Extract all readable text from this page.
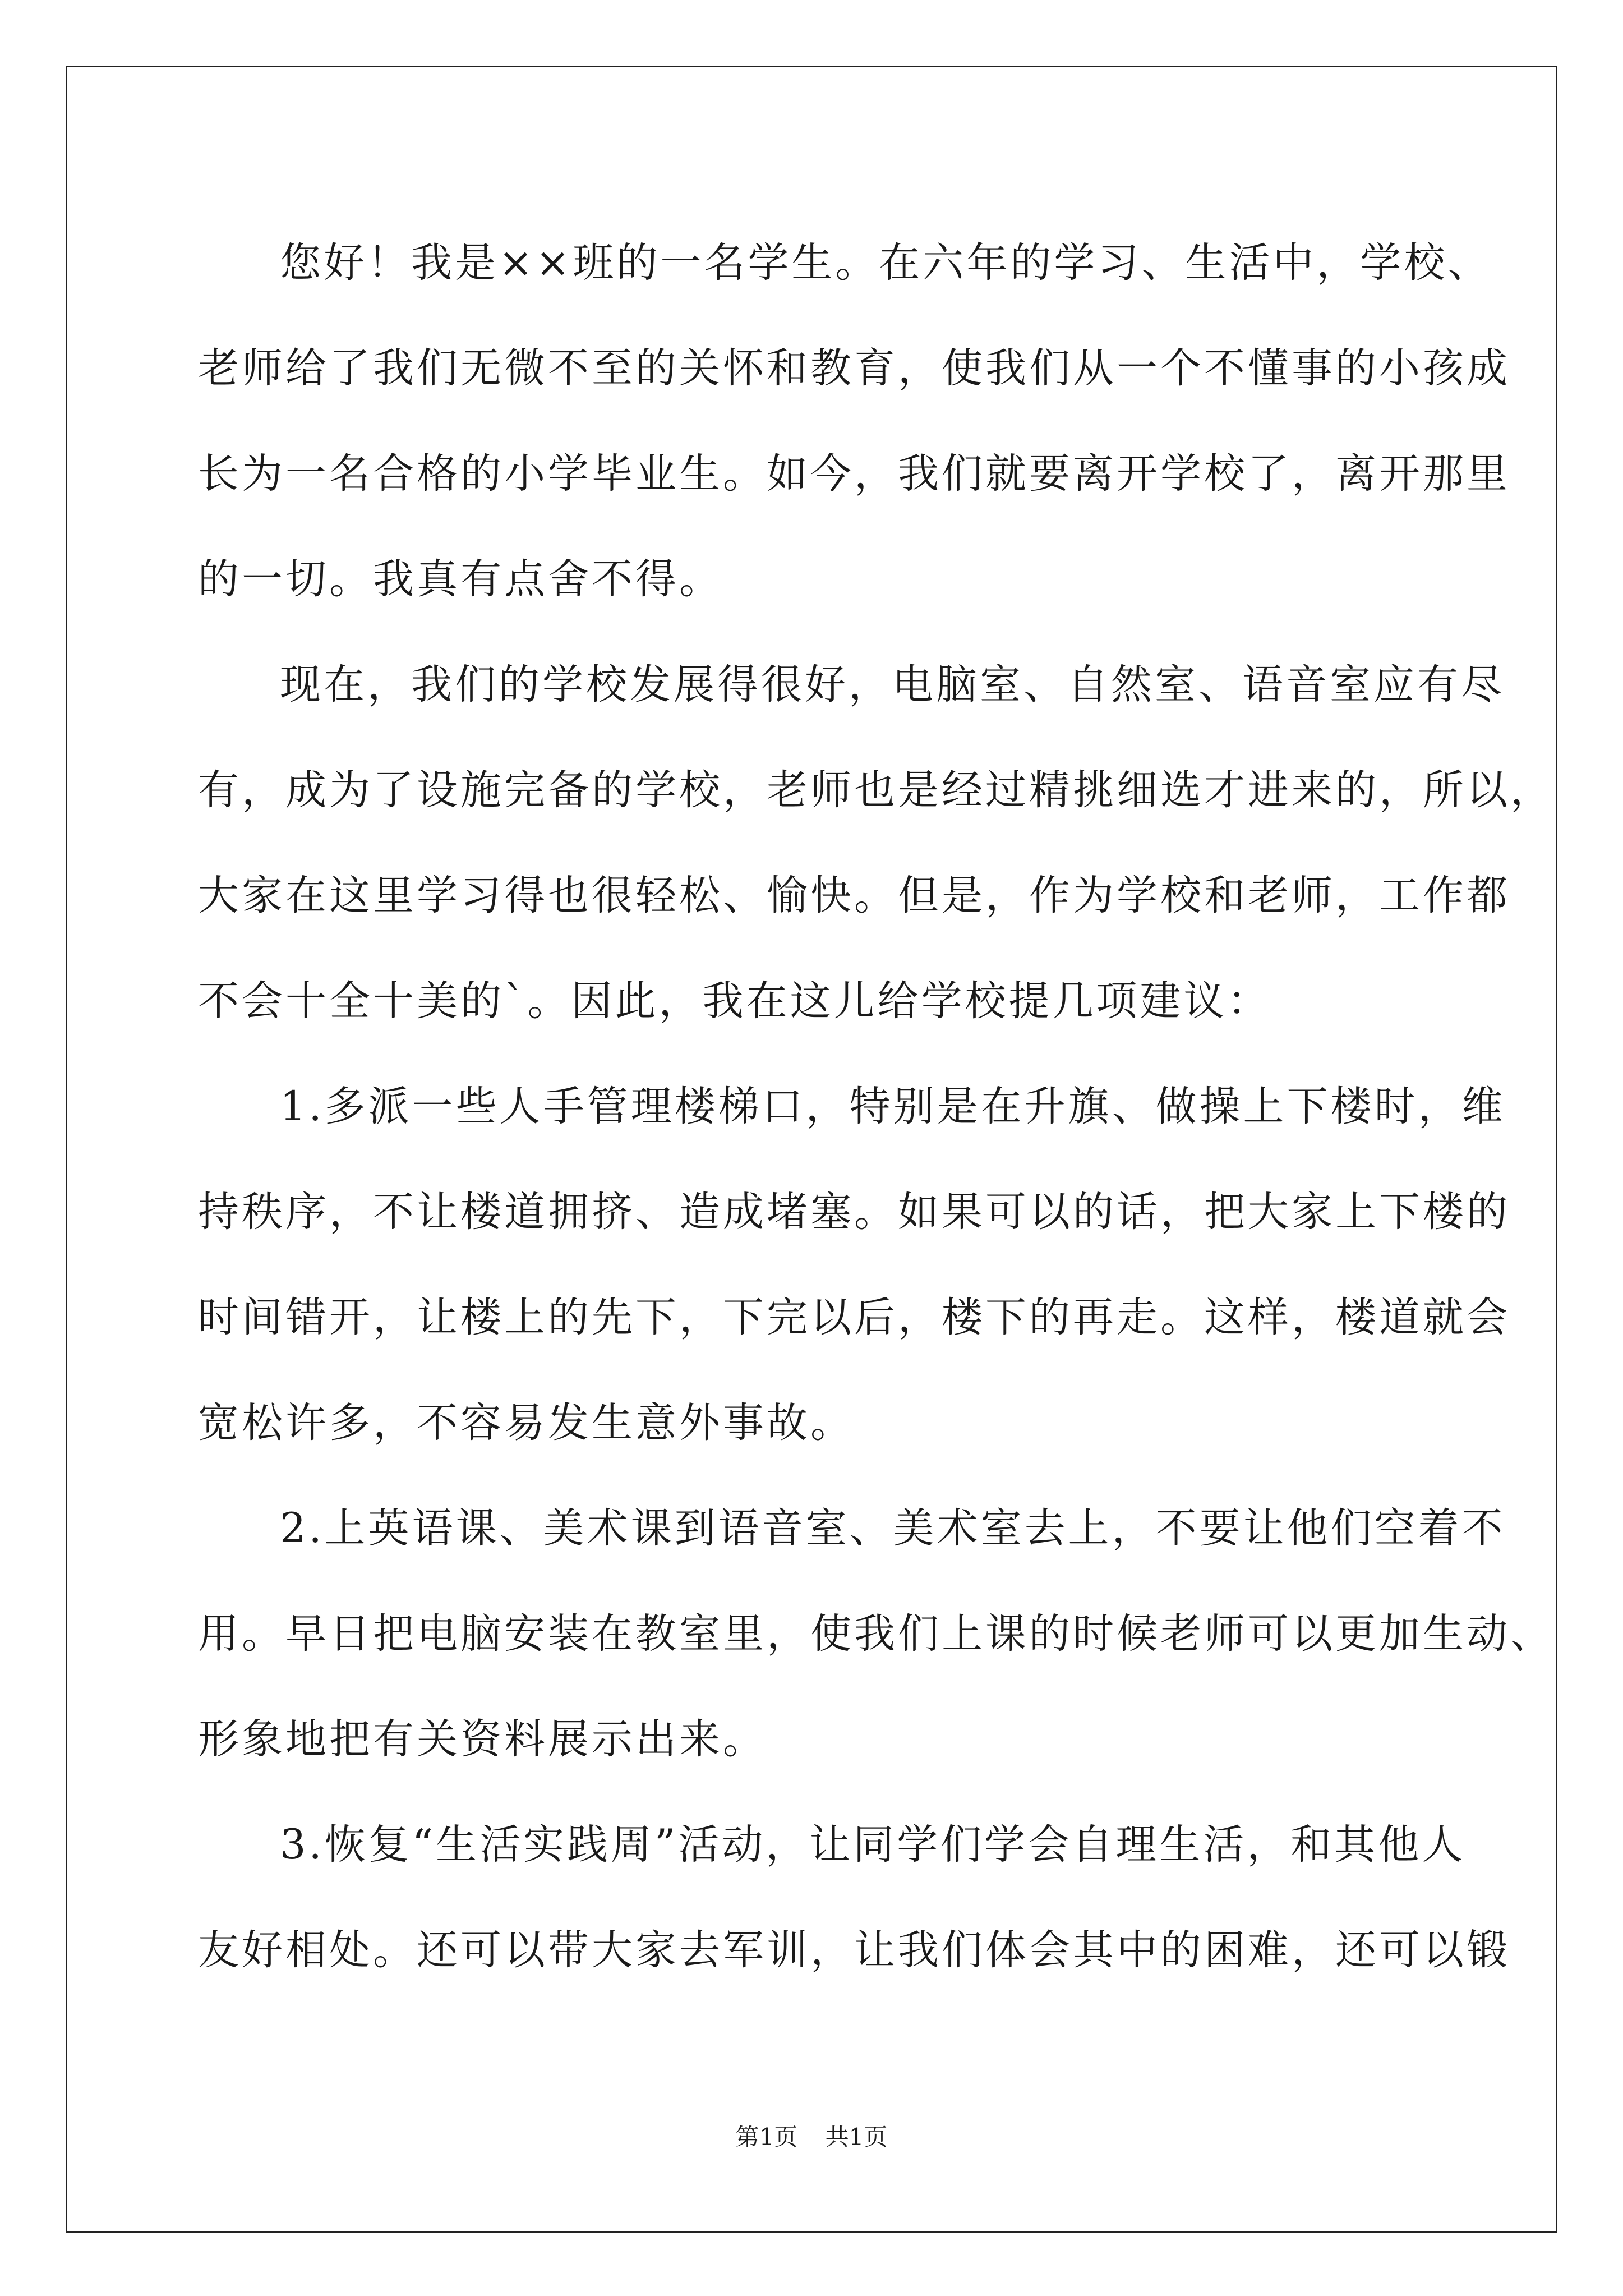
您好！我是××班的一名学生。在六年的学习、生活中，学校、
老师给了我们无微不至的关怀和教育，使我们从一个不懂事的小孩成
长为一名合格的小学毕业生。如今，我们就要离开学校了，离开那里
的一切。我真有点舍不得。
现在，我们的学校发展得很好，电脑室、自然室、语音室应有尽
有，成为了设施完备的学校，老师也是经过精挑细选才进来的，所以，
大家在这里学习得也很轻松、愉快。但是，作为学校和老师，工作都
不会十全十美的`。因此，我在这儿给学校提几项建议：
1.多派一些人手管理楼梯口，特别是在升旗、做操上下楼时，维
持秩序，不让楼道拥挤、造成堵塞。如果可以的话，把大家上下楼的
时间错开，让楼上的先下，下完以后，楼下的再走。这样，楼道就会
宽松许多，不容易发生意外事故。
2.上英语课、美术课到语音室、美术室去上，不要让他们空着不
用。早日把电脑安装在教室里，使我们上课的时候老师可以更加生动、
形象地把有关资料展示出来。
3.恢复“生活实践周”活动，让同学们学会自理生活，和其他人
友好相处。还可以带大家去军训，让我们体会其中的困难，还可以锻
第1页 共1页
